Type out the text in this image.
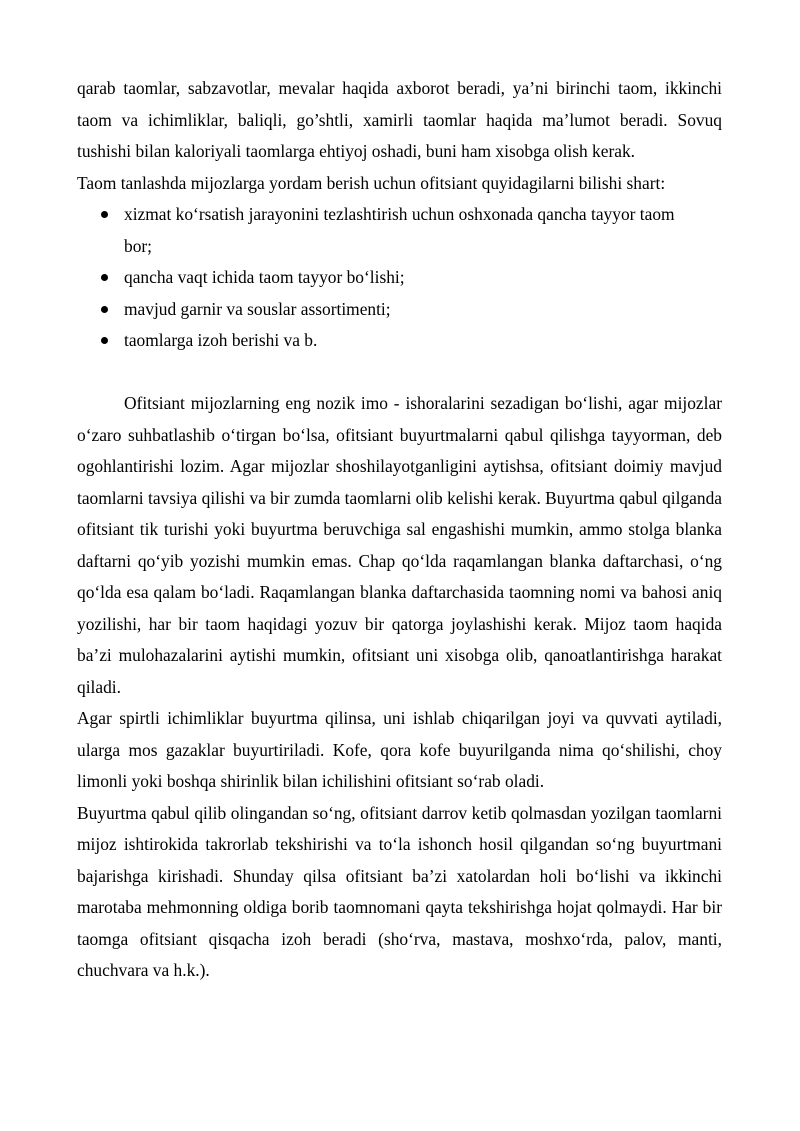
qarab taomlar, sabzavotlar, mevalar haqida axborot beradi, ya’ni birinchi taom, ikkinchi taom va ichimliklar, baliqli, go’shtli, xamirli taomlar haqida ma’lumot beradi. Sovuq tushishi bilan kaloriyali taomlarga ehtiyoj oshadi, buni ham xisobga olish kerak.

Taom tanlashda mijozlarga yordam berish uchun ofitsiant quyidagilarni bilishi shart:

xizmat ko‘rsatish jarayonini tezlashtirish uchun oshxonada qancha tayyor taom bor;
qancha vaqt ichida taom tayyor bo‘lishi;
mavjud garnir va souslar assortimenti;
taomlarga izoh berishi va b.

Ofitsiant mijozlarning eng nozik imo - ishoralarini sezadigan bo‘lishi, agar mijozlar o‘zaro suhbatlashib o‘tirgan bo‘lsa, ofitsiant buyurtmalarni qabul qilishga tayyorman, deb ogohlantirishi lozim. Agar mijozlar shoshilayotganligini aytishsa, ofitsiant doimiy mavjud taomlarni tavsiya qilishi va bir zumda taomlarni olib kelishi kerak. Buyurtma qabul qilganda ofitsiant tik turishi yoki buyurtma beruvchiga sal engashishi mumkin, ammo stolga blanka daftarni qo‘yib yozishi mumkin emas. Chap qo‘lda raqamlangan blanka daftarchasi, o‘ng qo‘lda esa qalam bo‘ladi. Raqamlangan blanka daftarchasida taomning nomi va bahosi aniq yozilishi, har bir taom haqidagi yozuv bir qatorga joylashishi kerak. Mijoz taom haqida ba’zi mulohazalarini aytishi mumkin, ofitsiant uni xisobga olib, qanoatlantirishga harakat qiladi.

Agar spirtli ichimliklar buyurtma qilinsa, uni ishlab chiqarilgan joyi va quvvati aytiladi, ularga mos gazaklar buyurtiriladi. Kofe, qora kofe buyurilganda nima qo‘shilishi, choy limonli yoki boshqa shirinlik bilan ichilishini ofitsiant so‘rab oladi.

Buyurtma qabul qilib olingandan so‘ng, ofitsiant darrov ketib qolmasdan yozilgan taomlarni mijoz ishtirokida takrorlab tekshirishi va to‘la ishonch hosil qilgandan so‘ng buyurtmani bajarishga kirishadi. Shunday qilsa ofitsiant ba’zi xatolardan holi bo‘lishi va ikkinchi marotaba mehmonning oldiga borib taomnomani qayta tekshirishga hojat qolmaydi. Har bir taomga ofitsiant qisqacha izoh beradi (sho‘rva, mastava, moshxo‘rda, palov, manti, chuchvara va h.k.).
